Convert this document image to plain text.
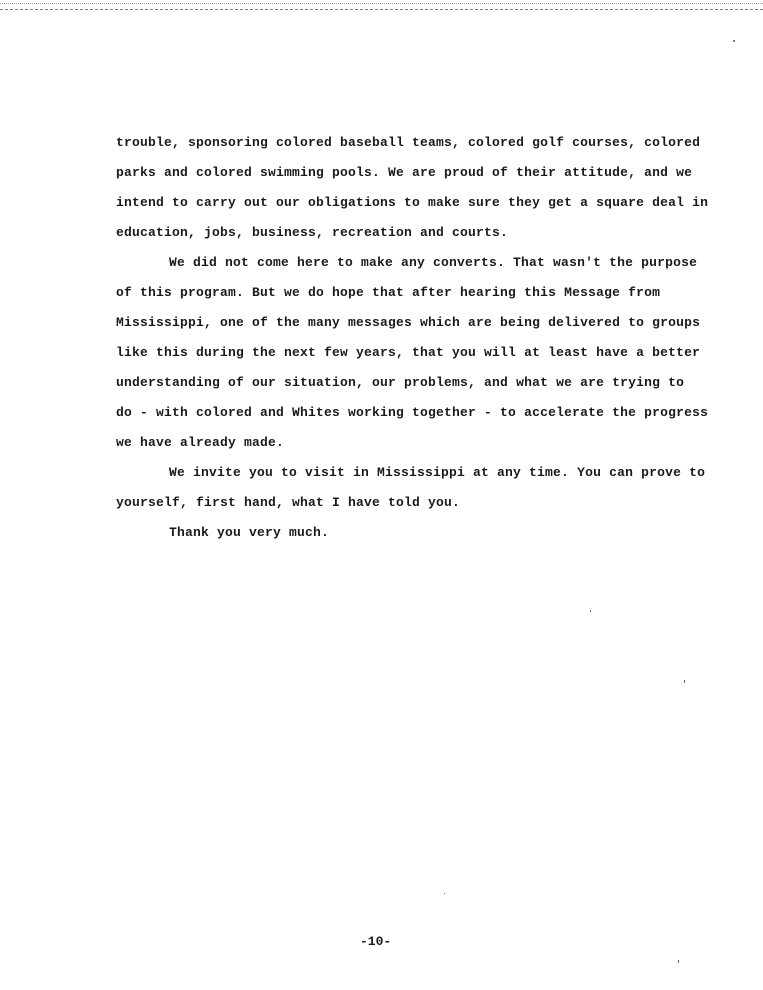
trouble, sponsoring colored baseball teams, colored golf courses, colored
parks and colored swimming pools. We are proud of their attitude, and we
intend to carry out our obligations to make sure they get a square deal in
education, jobs, business, recreation and courts.
We did not come here to make any converts. That wasn't the purpose
of this program. But we do hope that after hearing this Message from
Mississippi, one of the many messages which are being delivered to groups
like this during the next few years, that you will at least have a better
understanding of our situation, our problems, and what we are trying to
do - with colored and Whites working together - to accelerate the progress
we have already made.
We invite you to visit in Mississippi at any time. You can prove to
yourself, first hand, what I have told you.
Thank you very much.
-10-
